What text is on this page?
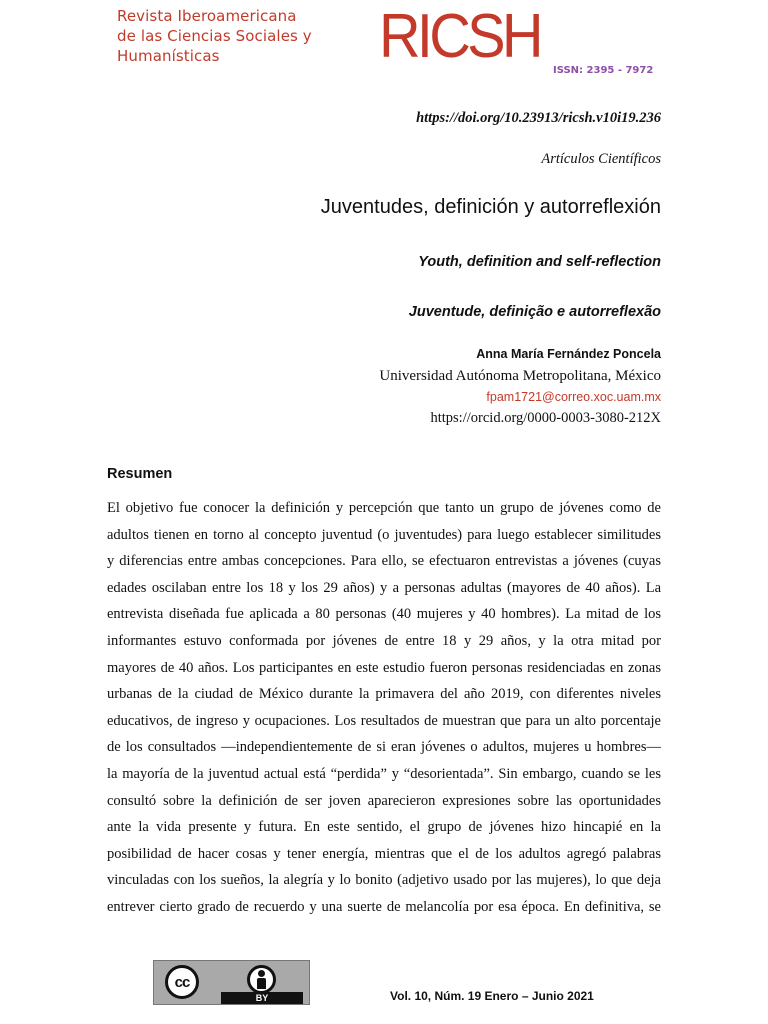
Revista Iberoamericana
de las Ciencias Sociales y
Humanísticas	RICSH ISSN: 2395 - 7972
https://doi.org/10.23913/ricsh.v10i19.236
Artículos Científicos
Juventudes, definición y autorreflexión
Youth, definition and self-reflection
Juventude, definição e autorreflexão
Anna María Fernández Poncela
Universidad Autónoma Metropolitana, México
fpam1721@correo.xoc.uam.mx
https://orcid.org/0000-0003-3080-212X
Resumen
El objetivo fue conocer la definición y percepción que tanto un grupo de jóvenes como de
adultos tienen en torno al concepto juventud (o juventudes) para luego establecer similitudes
y diferencias entre ambas concepciones. Para ello, se efectuaron entrevistas a jóvenes (cuyas
edades oscilaban entre los 18 y los 29 años) y a personas adultas (mayores de 40 años). La
entrevista diseñada fue aplicada a 80 personas (40 mujeres y 40 hombres). La mitad de los
informantes estuvo conformada por jóvenes de entre 18 y 29 años, y la otra mitad por
mayores de 40 años. Los participantes en este estudio fueron personas residenciadas en zonas
urbanas de la ciudad de México durante la primavera del año 2019, con diferentes niveles
educativos, de ingreso y ocupaciones. Los resultados de muestran que para un alto porcentaje
de los consultados —independientemente de si eran jóvenes o adultos, mujeres u hombres—
la mayoría de la juventud actual está “perdida” y “desorientada”. Sin embargo, cuando se les
consultó sobre la definición de ser joven aparecieron expresiones sobre las oportunidades
ante la vida presente y futura. En este sentido, el grupo de jóvenes hizo hincapié en la
posibilidad de hacer cosas y tener energía, mientras que el de los adultos agregó palabras
vinculadas con los sueños, la alegría y lo bonito (adjetivo usado por las mujeres), lo que deja
entrever cierto grado de recuerdo y una suerte de melancolía por esa época. En definitiva, se
cc
BY	Vol. 10, Núm. 19 Enero – Junio 2021
